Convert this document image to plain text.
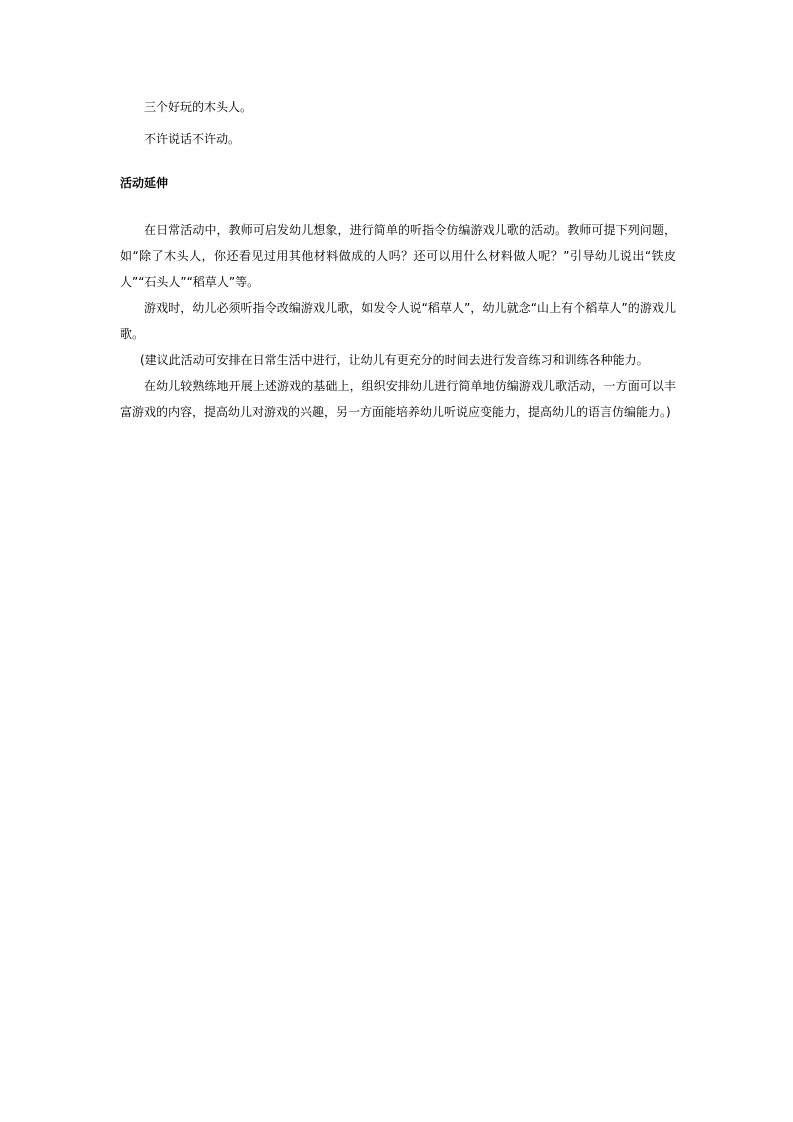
三个好玩的木头人。

不许说话不许动。

活动延伸

在日常活动中，教师可启发幼儿想象，进行简单的听指令仿编游戏儿歌的活动。教师可提下列问题，如“除了木头人，你还看见过用其他材料做成的人吗？还可以用什么材料做人呢？”引导幼儿说出“铁皮人”“石头人”“稻草人”等。

游戏时，幼儿必须听指令改编游戏儿歌，如发令人说“稻草人”，幼儿就念“山上有个稻草人”的游戏儿歌。

(建议此活动可安排在日常生活中进行，让幼儿有更充分的时间去进行发音练习和训练各种能力。

在幼儿较熟练地开展上述游戏的基础上，组织安排幼儿进行简单地仿编游戏儿歌活动，一方面可以丰富游戏的内容，提高幼儿对游戏的兴趣，另一方面能培养幼儿听说应变能力，提高幼儿的语言仿编能力。)
